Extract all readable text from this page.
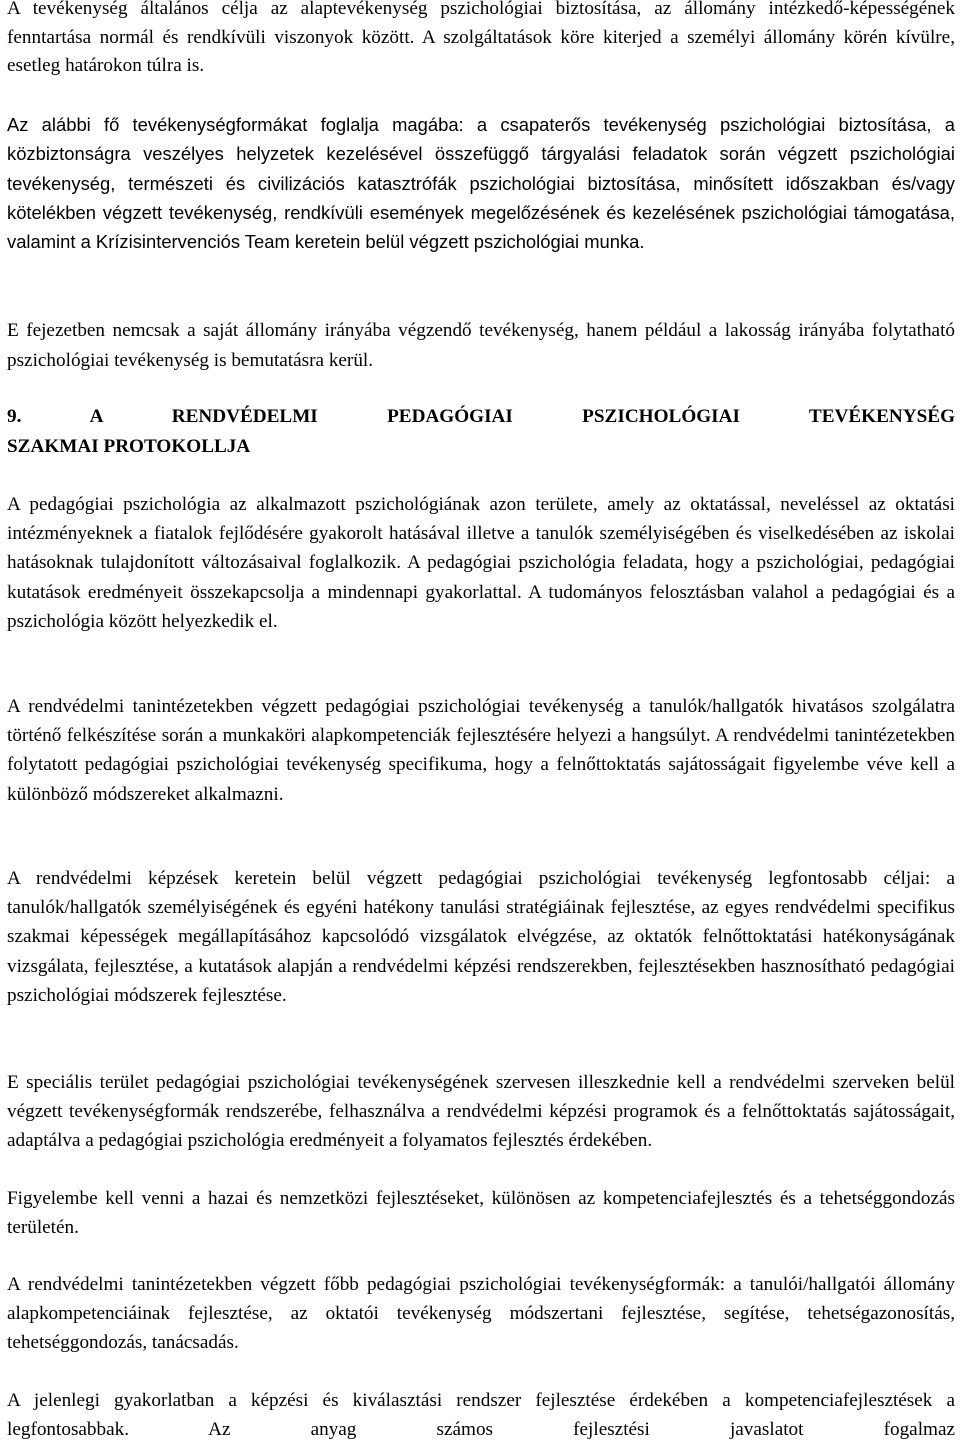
A tevékenység általános célja az alaptevékenység pszichológiai biztosítása, az állomány intézkedő-képességének fenntartása normál és rendkívüli viszonyok között. A szolgáltatások köre kiterjed a személyi állomány körén kívülre, esetleg határokon túlra is.

Az alábbi fő tevékenységformákat foglalja magába: a csapaterős tevékenység pszichológiai biztosítása, a közbiztonságra veszélyes helyzetek kezelésével összefüggő tárgyalási feladatok során végzett pszichológiai tevékenység, természeti és civilizációs katasztrófák pszichológiai biztosítása, minősített időszakban és/vagy kötelékben végzett tevékenység, rendkívüli események megelőzésének és kezelésének pszichológiai támogatása, valamint a Krízisintervenciós Team keretein belül végzett pszichológiai munka.

E fejezetben nemcsak a saját állomány irányába végzendő tevékenység, hanem például a lakosság irányába folytatható pszichológiai tevékenység is bemutatásra kerül.

9. A RENDVÉDELMI PEDAGÓGIAI PSZICHOLÓGIAI TEVÉKENYSÉG
SZAKMAI PROTOKOLLJA

A pedagógiai pszichológia az alkalmazott pszichológiának azon területe, amely az oktatással, neveléssel az oktatási intézményeknek a fiatalok fejlődésére gyakorolt hatásával illetve a tanulók személyiségében és viselkedésében az iskolai hatásoknak tulajdonított változásaival foglalkozik. A pedagógiai pszichológia feladata, hogy a pszichológiai, pedagógiai kutatások eredményeit összekapcsolja a mindennapi gyakorlattal. A tudományos felosztásban valahol a pedagógiai és a pszichológia között helyezkedik el.

A rendvédelmi tanintézetekben végzett pedagógiai pszichológiai tevékenység a tanulók/hallgatók hivatásos szolgálatra történő felkészítése során a munkaköri alapkompetenciák fejlesztésére helyezi a hangsúlyt. A rendvédelmi tanintézetekben folytatott pedagógiai pszichológiai tevékenység specifikuma, hogy a felnőttoktatás sajátosságait figyelembe véve kell a különböző módszereket alkalmazni.

A rendvédelmi képzések keretein belül végzett pedagógiai pszichológiai tevékenység legfontosabb céljai: a tanulók/hallgatók személyiségének és egyéni hatékony tanulási stratégiáinak fejlesztése, az egyes rendvédelmi specifikus szakmai képességek megállapításához kapcsolódó vizsgálatok elvégzése, az oktatók felnőttoktatási hatékonyságának vizsgálata, fejlesztése, a kutatások alapján a rendvédelmi képzési rendszerekben, fejlesztésekben hasznosítható pedagógiai pszichológiai módszerek fejlesztése.

E speciális terület pedagógiai pszichológiai tevékenységének szervesen illeszkednie kell a rendvédelmi szerveken belül végzett tevékenységformák rendszerébe, felhasználva a rendvédelmi képzési programok és a felnőttoktatás sajátosságait, adaptálva a pedagógiai pszichológia eredményeit a folyamatos fejlesztés érdekében.

Figyelembe kell venni a hazai és nemzetközi fejlesztéseket, különösen az kompetenciafejlesztés és a tehetséggondozás területén.

A rendvédelmi tanintézetekben végzett főbb pedagógiai pszichológiai tevékenységformák: a tanulói/hallgatói állomány alapkompetenciáinak fejlesztése, az oktatói tevékenység módszertani fejlesztése, segítése, tehetségazonosítás, tehetséggondozás, tanácsadás.

A jelenlegi gyakorlatban a képzési és kiválasztási rendszer fejlesztése érdekében a kompetenciafejlesztések a legfontosabbak. Az anyag számos fejlesztési javaslatot fogalmaz
